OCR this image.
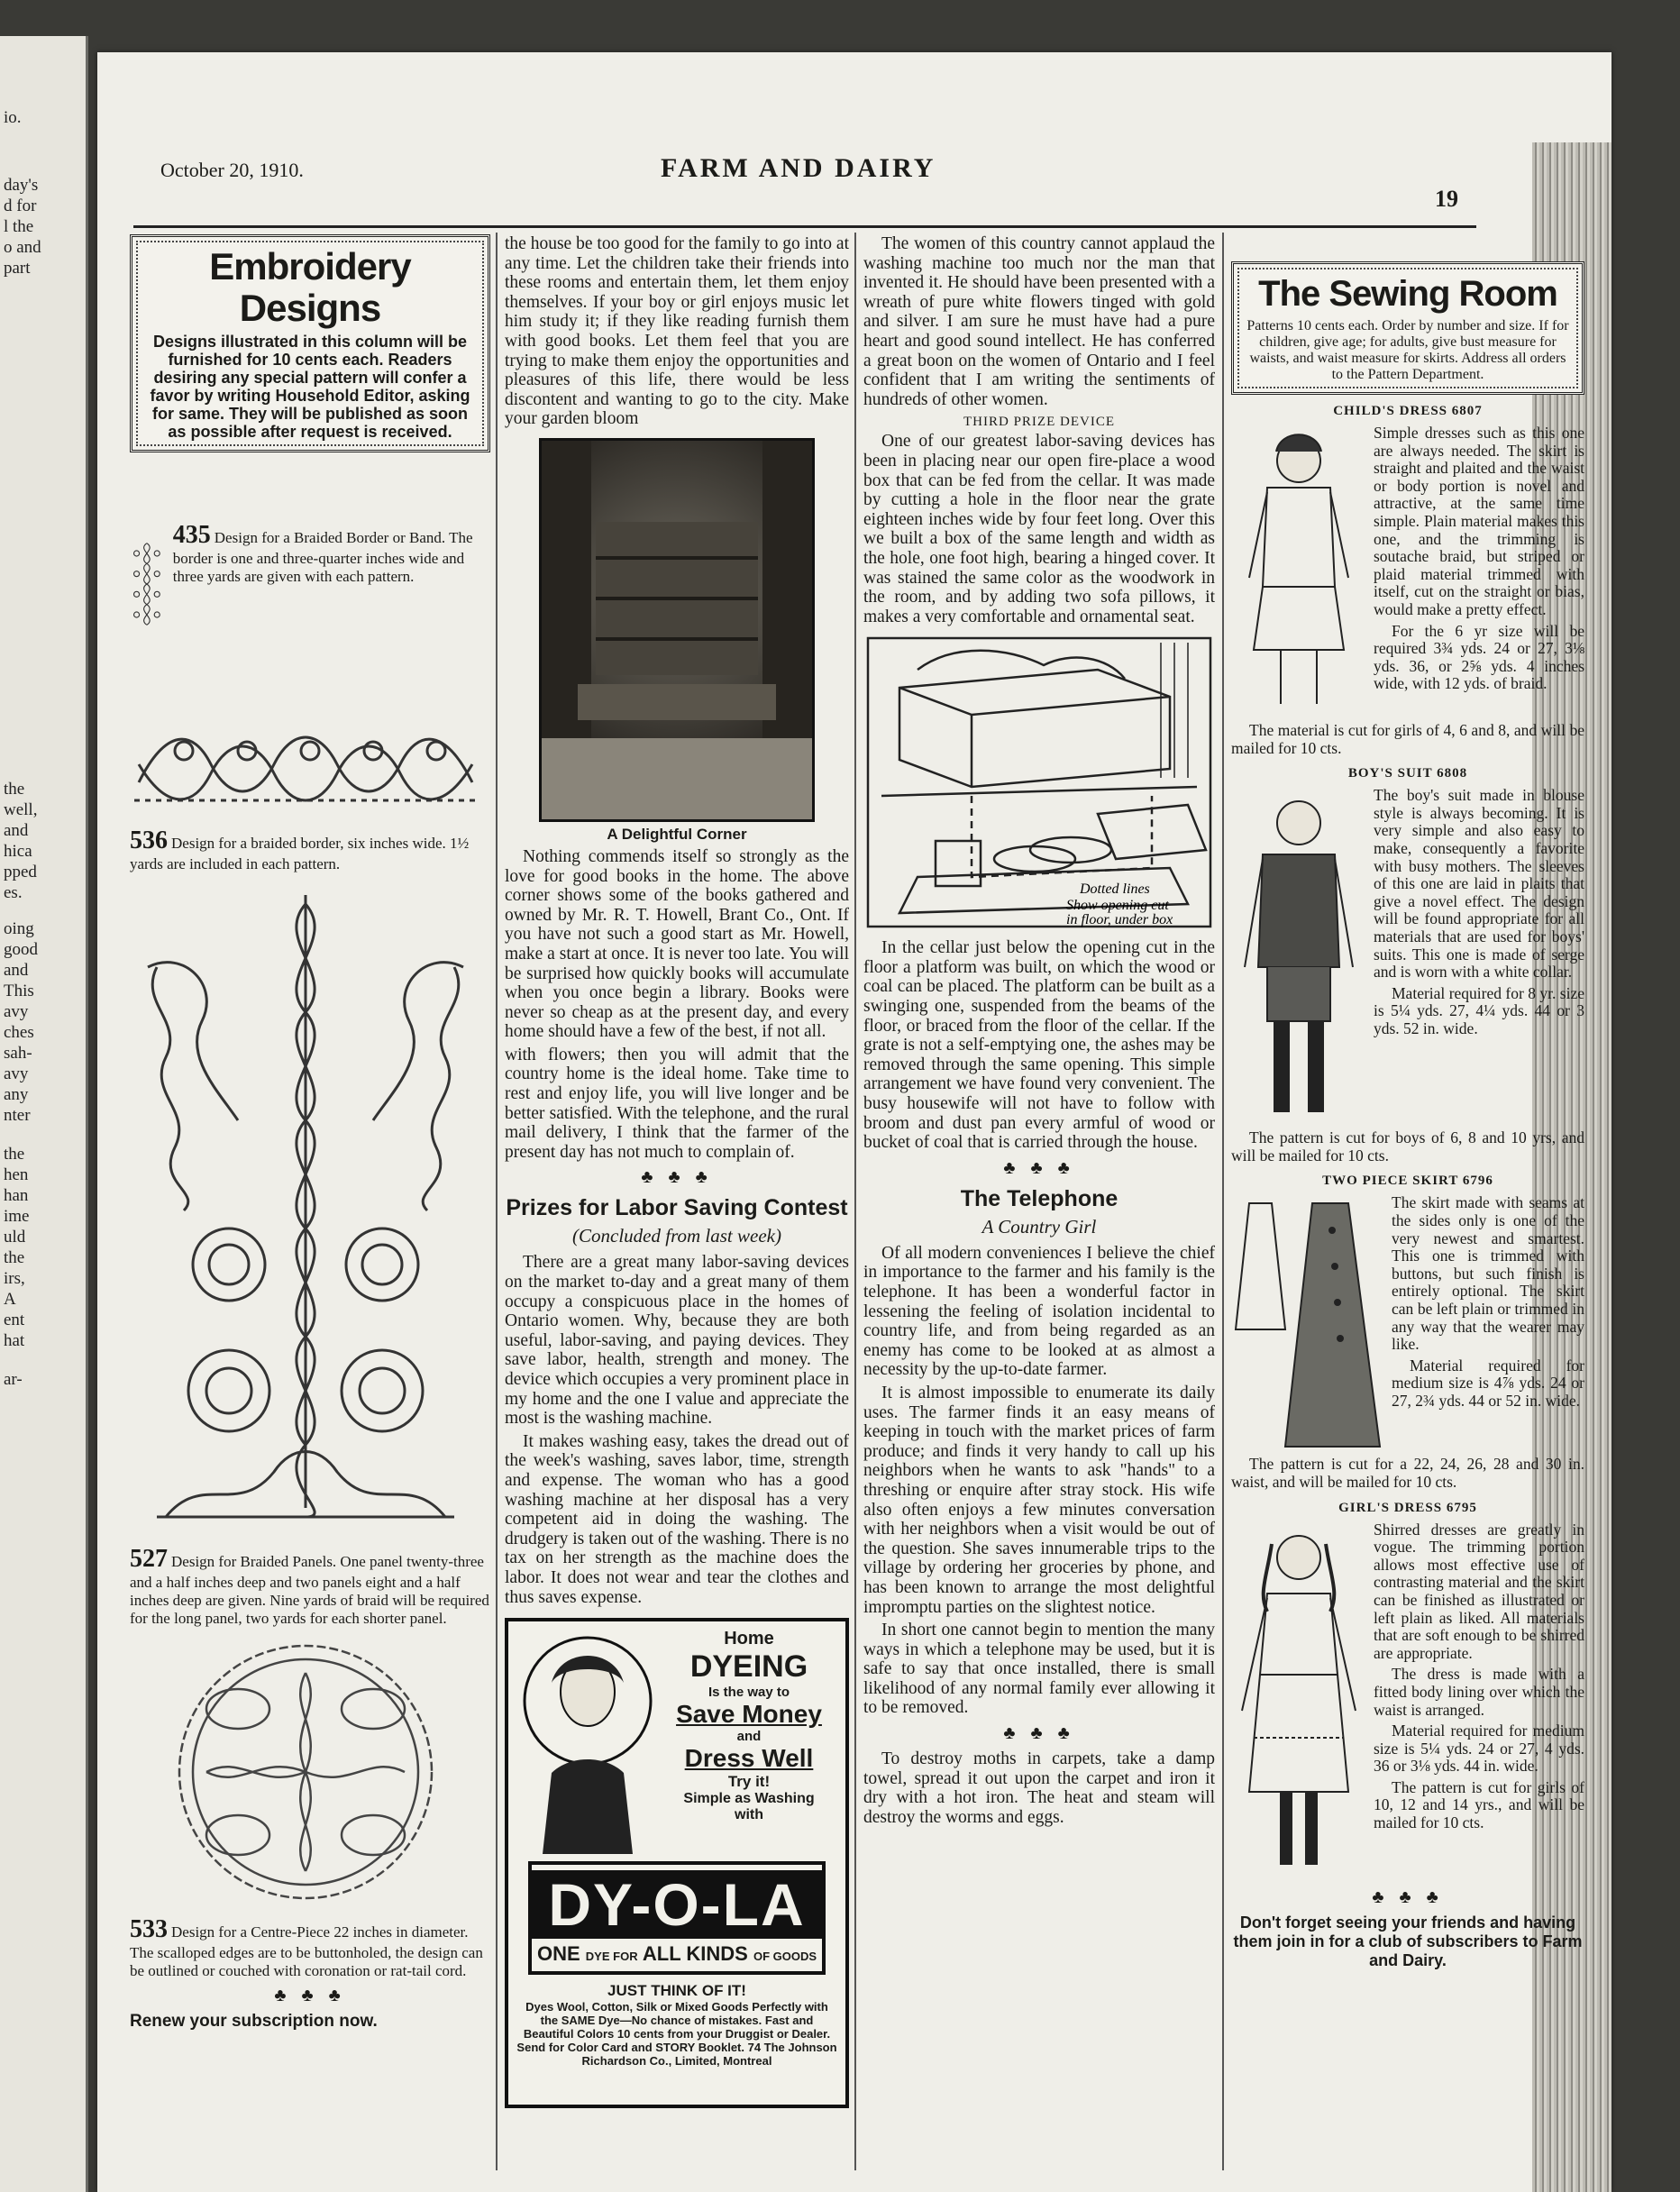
io.
day's
d for
l the
o and
part
the
well,
and
hica
pped
es.
oing
good
and
This
avy
ches
sah-
avy
any
nter
the
hen
han
ime
uld
the
irs,
A
ent
hat
ar-
October 20, 1910.	FARM AND DAIRY
19
Embroidery Designs
Designs illustrated in this column will be furnished for 10 cents each. Readers desiring any special pattern will confer a favor by writing Household Editor, asking for same. They will be published as soon as possible after request is received.
435 Design for a Braided Border or Band. The border is one and three-quarter inches wide and three yards are given with each pattern.
536 Design for a braided border, six inches wide. 1½ yards are included in each pattern.
527 Design for Braided Panels. One panel twenty-three and a half inches deep and two panels eight and a half inches deep are given. Nine yards of braid will be required for the long panel, two yards for each shorter panel.
533 Design for a Centre-Piece 22 inches in diameter. The scalloped edges are to be buttonholed, the design can be outlined or couched with coronation or rat-tail cord.
♣ ♣ ♣
Renew your subscription now.

the house be too good for the family to go into at any time. Let the children take their friends into these rooms and entertain them, let them enjoy themselves. If your boy or girl enjoys music let him study it; if they like reading furnish them with good books. Let them feel that you are trying to make them enjoy the opportunities and pleasures of this life, there would be less discontent and wanting to go to the city. Make your garden bloom

A Delightful Corner

Nothing commends itself so strongly as the love for good books in the home. The above corner shows some of the books gathered and owned by Mr. R. T. Howell, Brant Co., Ont. If you have not such a good start as Mr. Howell, make a start at once. It is never too late. You will be surprised how quickly books will accumulate when you once begin a library. Books were never so cheap as at the present day, and every home should have a few of the best, if not all.

with flowers; then you will admit that the country home is the ideal home. Take time to rest and enjoy life, you will live longer and be better satisfied. With the telephone, and the rural mail delivery, I think that the farmer of the present day has not much to complain of.

♣ ♣ ♣
Prizes for Labor Saving Contest
(Concluded from last week)

There are a great many labor-saving devices on the market to-day and a great many of them occupy a conspicuous place in the homes of Ontario women. Why, because they are both useful, labor-saving, and paying devices. They save labor, health, strength and money. The device which occupies a very prominent place in my home and the one I value and appreciate the most is the washing machine.

It makes washing easy, takes the dread out of the week's washing, saves labor, time, strength and expense. The woman who has a good washing machine at her disposal has a very competent aid in doing the washing. The drudgery is taken out of the washing. There is no tax on her strength as the machine does the labor. It does not wear and tear the clothes and thus saves expense.

Home
DYEING
Is the way to
Save Money
and
Dress Well
Try it!
Simple as Washing
with
DY-O-LA
ONE DYE FOR ALL KINDS OF GOODS
JUST THINK OF IT!
Dyes Wool, Cotton, Silk or Mixed Goods Perfectly with the SAME Dye—No chance of mistakes. Fast and Beautiful Colors 10 cents from your Druggist or Dealer. Send for Color Card and STORY Booklet. 74 The Johnson Richardson Co., Limited, Montreal

The women of this country cannot applaud the washing machine too much nor the man that invented it. He should have been presented with a wreath of pure white flowers tinged with gold and silver. I am sure he must have had a pure heart and good sound intellect. He has conferred a great boon on the women of Ontario and I feel confident that I am writing the sentiments of hundreds of other women.

THIRD PRIZE DEVICE

One of our greatest labor-saving devices has been in placing near our open fire-place a wood box that can be fed from the cellar. It was made by cutting a hole in the floor near the grate eighteen inches wide by four feet long. Over this we built a box of the same length and width as the hole, one foot high, bearing a hinged cover. It was stained the same color as the woodwork in the room, and by adding two sofa pillows, it makes a very comfortable and ornamental seat.

Dotted lines
Show opening cut
in floor, under box

In the cellar just below the opening cut in the floor a platform was built, on which the wood or coal can be placed. The platform can be built as a swinging one, suspended from the beams of the floor, or braced from the floor of the cellar. If the grate is not a self-emptying one, the ashes may be removed through the same opening. This simple arrangement we have found very convenient. The busy housewife will not have to follow with broom and dust pan every armful of wood or bucket of coal that is carried through the house.

♣ ♣ ♣
The Telephone
A Country Girl

Of all modern conveniences I believe the chief in importance to the farmer and his family is the telephone. It has been a wonderful factor in lessening the feeling of isolation incidental to country life, and from being regarded as an enemy has come to be looked at as almost a necessity by the up-to-date farmer.

It is almost impossible to enumerate its daily uses. The farmer finds it an easy means of keeping in touch with the market prices of farm produce; and finds it very handy to call up his neighbors when he wants to ask "hands" to a threshing or enquire after stray stock. His wife also often enjoys a few minutes conversation with her neighbors when a visit would be out of the question. She saves innumerable trips to the village by ordering her groceries by phone, and has been known to arrange the most delightful impromptu parties on the slightest notice.

In short one cannot begin to mention the many ways in which a telephone may be used, but it is safe to say that once installed, there is small likelihood of any normal family ever allowing it to be removed.

♣ ♣ ♣

To destroy moths in carpets, take a damp towel, spread it out upon the carpet and iron it dry with a hot iron. The heat and steam will destroy the worms and eggs.

The Sewing Room
Patterns 10 cents each. Order by number and size. If for children, give age; for adults, give bust measure for waists, and waist measure for skirts. Address all orders to the Pattern Department.
CHILD'S DRESS 6807

Simple dresses such as this one are always needed. The skirt is straight and plaited and the waist or body portion is novel and attractive, at the same time simple. Plain material makes this one, and the trimming is soutache braid, but striped or plaid material trimmed with itself, cut on the straight or bias, would make a pretty effect.

For the 6 yr size will be required 3¾ yds. 24 or 27, 3⅛ yds. 36, or 2⅝ yds. 4 inches wide, with 12 yds. of braid.

The material is cut for girls of 4, 6 and 8, and will be mailed for 10 cts.

BOY'S SUIT 6808

The boy's suit made in blouse style is always becoming. It is very simple and also easy to make, consequently a favorite with busy mothers. The sleeves of this one are laid in plaits that give a novel effect. The design will be found appropriate for all materials that are used for boys' suits. This one is made of serge and is worn with a white collar.

Material required for 8 yr. size is 5¼ yds. 27, 4¼ yds. 44 or 3 yds. 52 in. wide.

The pattern is cut for boys of 6, 8 and 10 yrs, and will be mailed for 10 cts.

TWO PIECE SKIRT 6796

The skirt made with seams at the sides only is one of the very newest and smartest. This one is trimmed with buttons, but such finish is entirely optional. The skirt can be left plain or trimmed in any way that the wearer may like.

Material required for medium size is 4⅞ yds. 24 or 27, 2¾ yds. 44 or 52 in. wide.

The pattern is cut for a 22, 24, 26, 28 and 30 in. waist, and will be mailed for 10 cts.

GIRL'S DRESS 6795

Shirred dresses are greatly in vogue. The trimming portion allows most effective use of contrasting material and the skirt can be finished as illustrated or left plain as liked. All materials that are soft enough to be shirred are appropriate.

The dress is made with a fitted body lining over which the waist is arranged.

Material required for medium size is 5¼ yds. 24 or 27, 4 yds. 36 or 3⅛ yds. 44 in. wide.

The pattern is cut for girls of 10, 12 and 14 yrs., and will be mailed for 10 cts.

♣ ♣ ♣
Don't forget seeing your friends and having them join in for a club of subscribers to Farm and Dairy.
